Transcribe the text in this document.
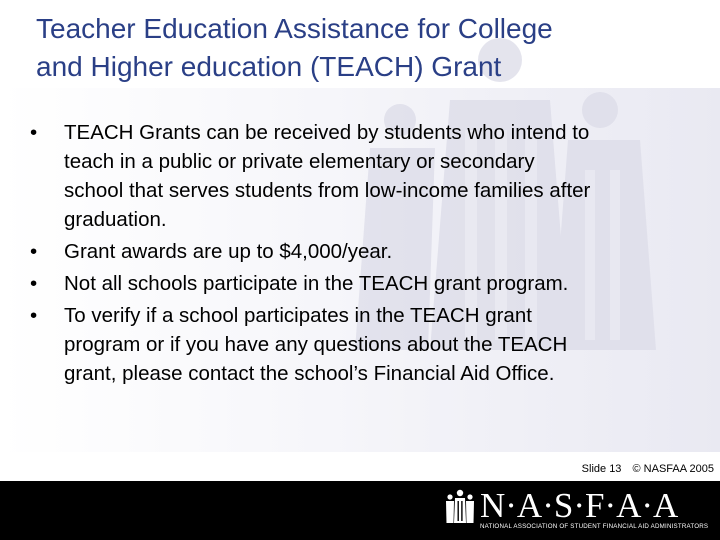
Teacher Education Assistance for College
and Higher education (TEACH) Grant
• TEACH Grants can be received by students who intend to
teach in a public or private elementary or secondary
school that serves students from low-income families after
graduation.
• Grant awards are up to $4,000/year.
• Not all schools participate in the TEACH grant program.
• To verify if a school participates in the TEACH grant
program or if you have any questions about the TEACH
grant, please contact the school’s Financial Aid Office.
Slide 13 © NASFAA 2005
N·A·S·F·A·A
NATIONAL ASSOCIATION OF STUDENT FINANCIAL AID ADMINISTRATORS
